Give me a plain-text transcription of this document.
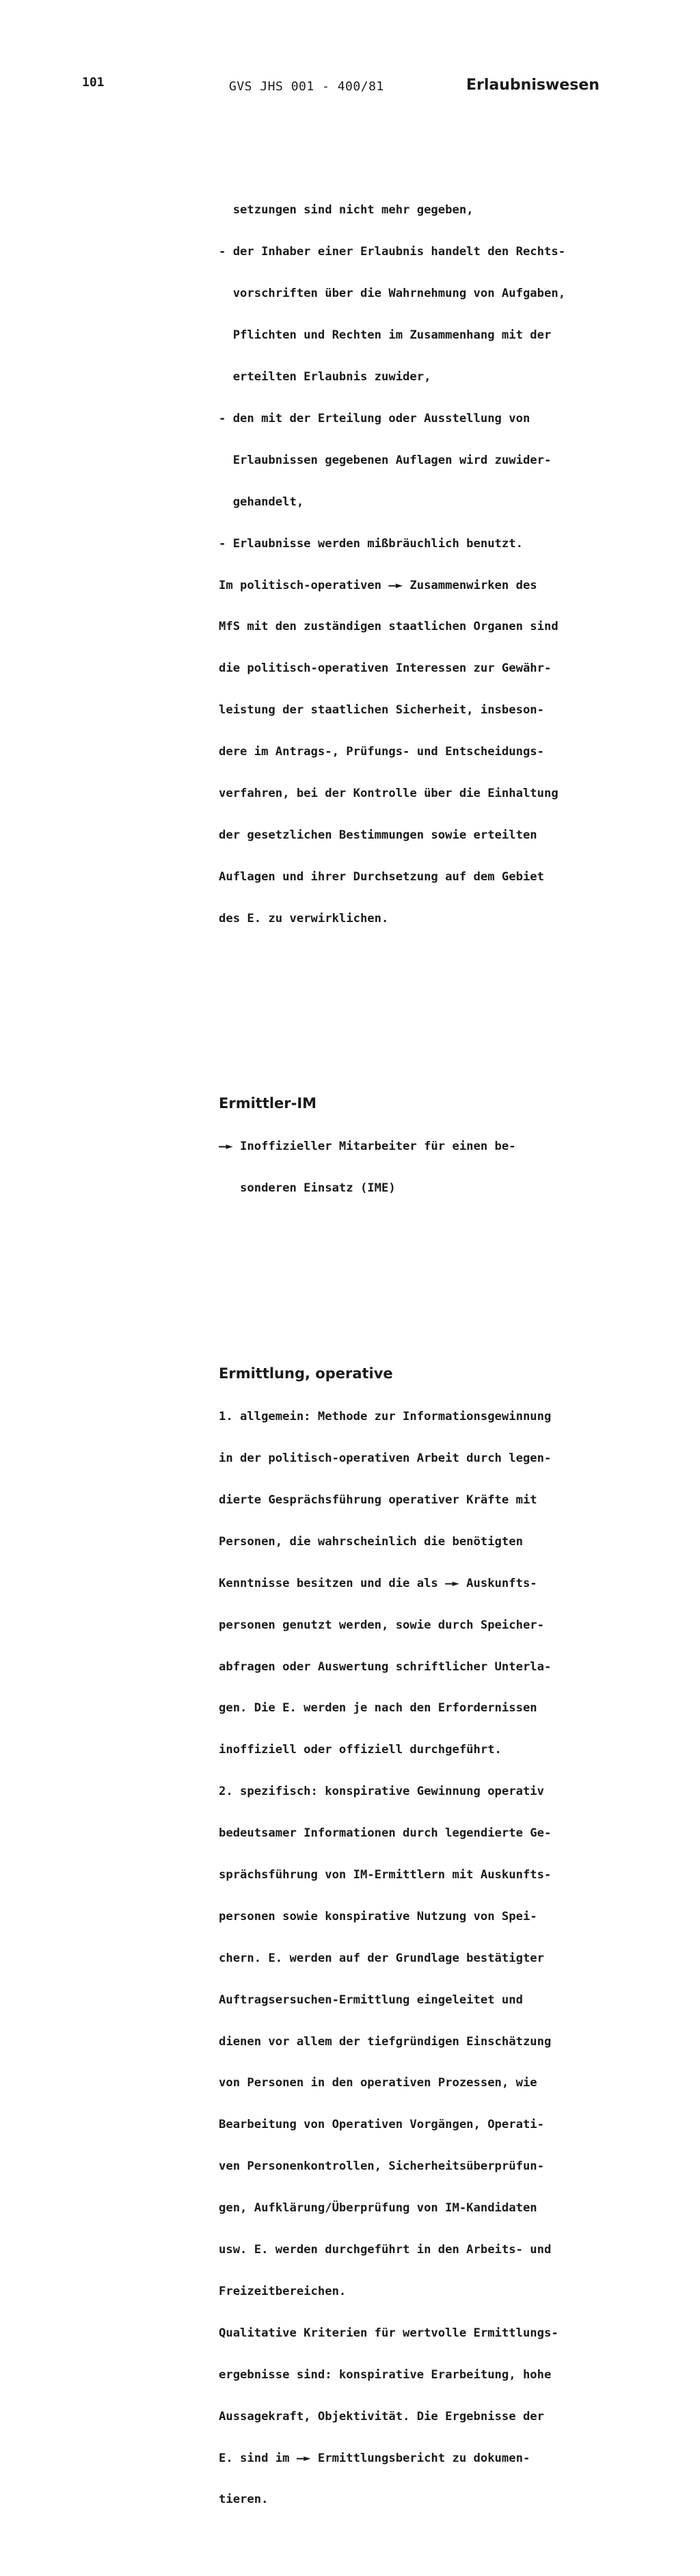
101	GVS JHS 001 - 400/81	Erlaubniswesen

setzungen sind nicht mehr gegeben,

- der Inhaber einer Erlaubnis handelt den Rechts-

vorschriften über die Wahrnehmung von Aufgaben,

Pflichten und Rechten im Zusammenhang mit der

erteilten Erlaubnis zuwider,

- den mit der Erteilung oder Ausstellung von

Erlaubnissen gegebenen Auflagen wird zuwider-

gehandelt,

- Erlaubnisse werden mißbräuchlich benutzt.

Im politisch-operativen —► Zusammenwirken des

MfS mit den zuständigen staatlichen Organen sind

die politisch-operativen Interessen zur Gewähr-

leistung der staatlichen Sicherheit, insbeson-

dere im Antrags-, Prüfungs- und Entscheidungs-

verfahren, bei der Kontrolle über die Einhaltung

der gesetzlichen Bestimmungen sowie erteilten

Auflagen und ihrer Durchsetzung auf dem Gebiet

des E. zu verwirklichen.

Ermittler-IM

—► Inoffizieller Mitarbeiter für einen be-

sonderen Einsatz (IME)

Ermittlung, operative

1. allgemein: Methode zur Informationsgewinnung

in der politisch-operativen Arbeit durch legen-

dierte Gesprächsführung operativer Kräfte mit

Personen, die wahrscheinlich die benötigten

Kenntnisse besitzen und die als —► Auskunfts-

personen genutzt werden, sowie durch Speicher-

abfragen oder Auswertung schriftlicher Unterla-

gen. Die E. werden je nach den Erfordernissen

inoffiziell oder offiziell durchgeführt.

2. spezifisch: konspirative Gewinnung operativ

bedeutsamer Informationen durch legendierte Ge-

sprächsführung von IM-Ermittlern mit Auskunfts-

personen sowie konspirative Nutzung von Spei-

chern. E. werden auf der Grundlage bestätigter

Auftragsersuchen-Ermittlung eingeleitet und

dienen vor allem der tiefgründigen Einschätzung

von Personen in den operativen Prozessen, wie

Bearbeitung von Operativen Vorgängen, Operati-

ven Personenkontrollen, Sicherheitsüberprüfun-

gen, Aufklärung/Überprüfung von IM-Kandidaten

usw. E. werden durchgeführt in den Arbeits- und

Freizeitbereichen.

Qualitative Kriterien für wertvolle Ermittlungs-

ergebnisse sind: konspirative Erarbeitung, hohe

Aussagekraft, Objektivität. Die Ergebnisse der

E. sind im —► Ermittlungsbericht zu dokumen-

tieren.
